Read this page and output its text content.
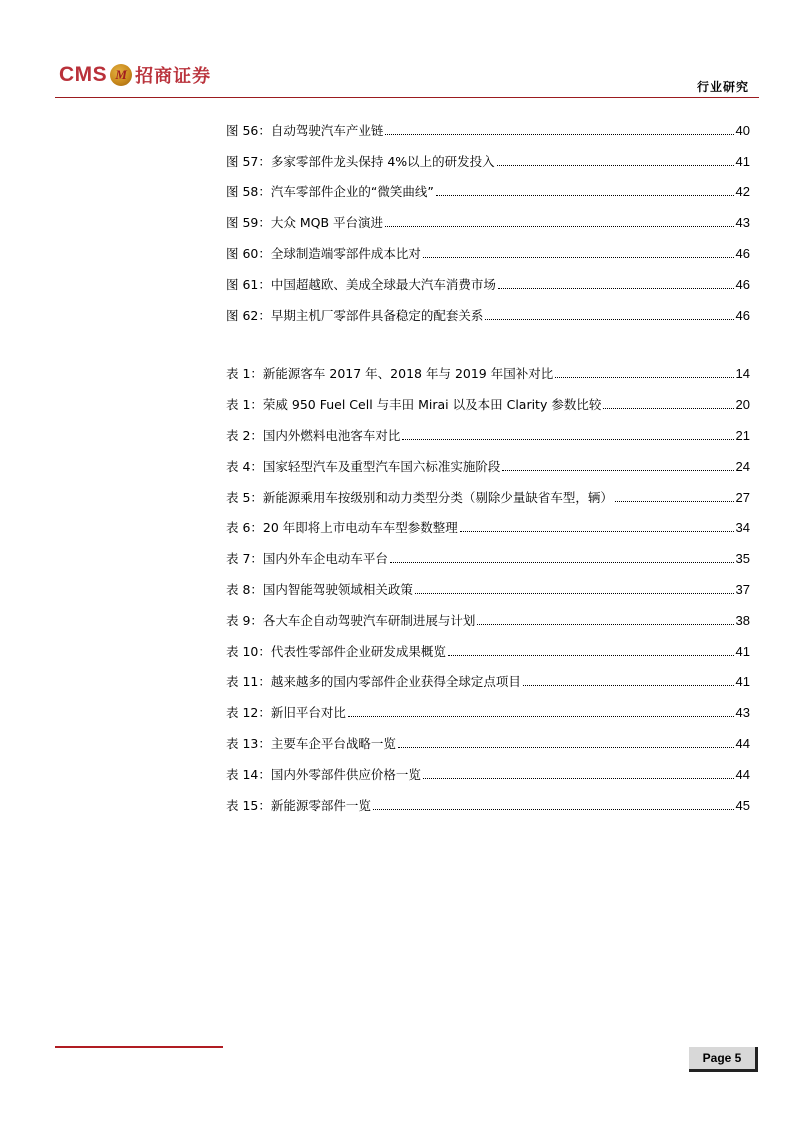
CMS M 招商证券	行业研究
图 56：自动驾驶汽车产业链	40
图 57：多家零部件龙头保持 4%以上的研发投入	41
图 58：汽车零部件企业的“微笑曲线”	42
图 59：大众 MQB 平台演进	43
图 60：全球制造端零部件成本比对	46
图 61：中国超越欧、美成全球最大汽车消费市场	46
图 62：早期主机厂零部件具备稳定的配套关系	46
表 1：新能源客车 2017 年、2018 年与 2019 年国补对比	14
表 1：荣威 950 Fuel Cell 与丰田 Mirai 以及本田 Clarity 参数比较	20
表 2：国内外燃料电池客车对比	21
表 4：国家轻型汽车及重型汽车国六标准实施阶段	24
表 5：新能源乘用车按级别和动力类型分类（剔除少量缺省车型，辆）	27
表 6：20 年即将上市电动车车型参数整理	34
表 7：国内外车企电动车平台	35
表 8：国内智能驾驶领域相关政策	37
表 9：各大车企自动驾驶汽车研制进展与计划	38
表 10：代表性零部件企业研发成果概览	41
表 11：越来越多的国内零部件企业获得全球定点项目	41
表 12：新旧平台对比	43
表 13：主要车企平台战略一览	44
表 14：国内外零部件供应价格一览	44
表 15：新能源零部件一览	45
Page 5
